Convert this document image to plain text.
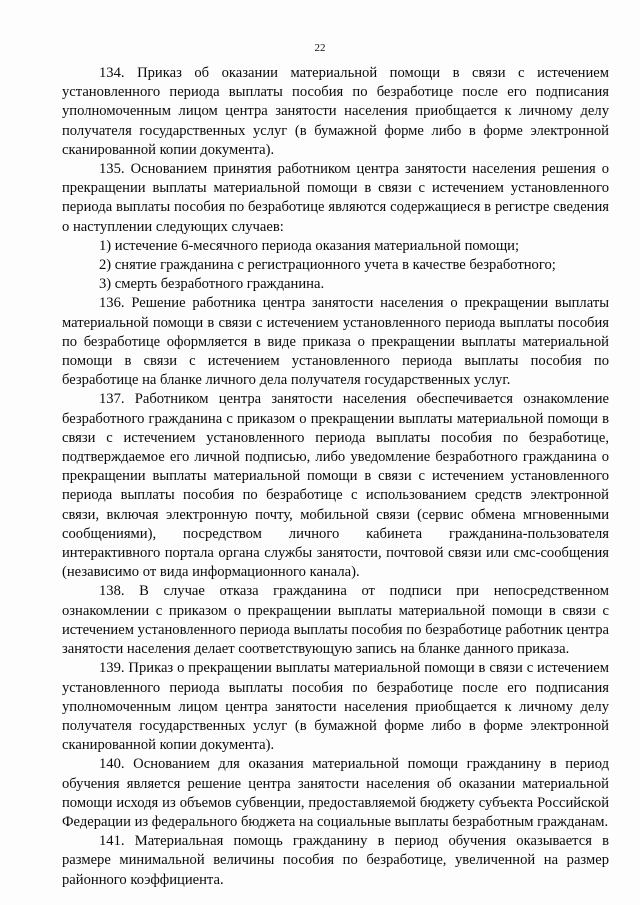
22

134. Приказ об оказании материальной помощи в связи с истечением установленного периода выплаты пособия по безработице после его подписания уполномоченным лицом центра занятости населения приобщается к личному делу получателя государственных услуг (в бумажной форме либо в форме электронной сканированной копии документа).

135. Основанием принятия работником центра занятости населения решения о прекращении выплаты материальной помощи в связи с истечением установленного периода выплаты пособия по безработице являются содержащиеся в регистре сведения о наступлении следующих случаев:

1) истечение 6-месячного периода оказания материальной помощи;

2) снятие гражданина с регистрационного учета в качестве безработного;

3) смерть безработного гражданина.

136. Решение работника центра занятости населения о прекращении выплаты материальной помощи в связи с истечением установленного периода выплаты пособия по безработице оформляется в виде приказа о прекращении выплаты материальной помощи в связи с истечением установленного периода выплаты пособия по безработице на бланке личного дела получателя государственных услуг.

137. Работником центра занятости населения обеспечивается ознакомление безработного гражданина с приказом о прекращении выплаты материальной помощи в связи с истечением установленного периода выплаты пособия по безработице, подтверждаемое его личной подписью, либо уведомление безработного гражданина о прекращении выплаты материальной помощи в связи с истечением установленного периода выплаты пособия по безработице с использованием средств электронной связи, включая электронную почту, мобильной связи (сервис обмена мгновенными сообщениями), посредством личного кабинета гражданина-пользователя интерактивного портала органа службы занятости, почтовой связи или смс-сообщения (независимо от вида информационного канала).

138. В случае отказа гражданина от подписи при непосредственном ознакомлении с приказом о прекращении выплаты материальной помощи в связи с истечением установленного периода выплаты пособия по безработице работник центра занятости населения делает соответствующую запись на бланке данного приказа.

139. Приказ о прекращении выплаты материальной помощи в связи с истечением установленного периода выплаты пособия по безработице после его подписания уполномоченным лицом центра занятости населения приобщается к личному делу получателя государственных услуг (в бумажной форме либо в форме электронной сканированной копии документа).

140. Основанием для оказания материальной помощи гражданину в период обучения является решение центра занятости населения об оказании материальной помощи исходя из объемов субвенции, предоставляемой бюджету субъекта Российской Федерации из федерального бюджета на социальные выплаты безработным гражданам.

141. Материальная помощь гражданину в период обучения оказывается в размере минимальной величины пособия по безработице, увеличенной на размер районного коэффициента.
